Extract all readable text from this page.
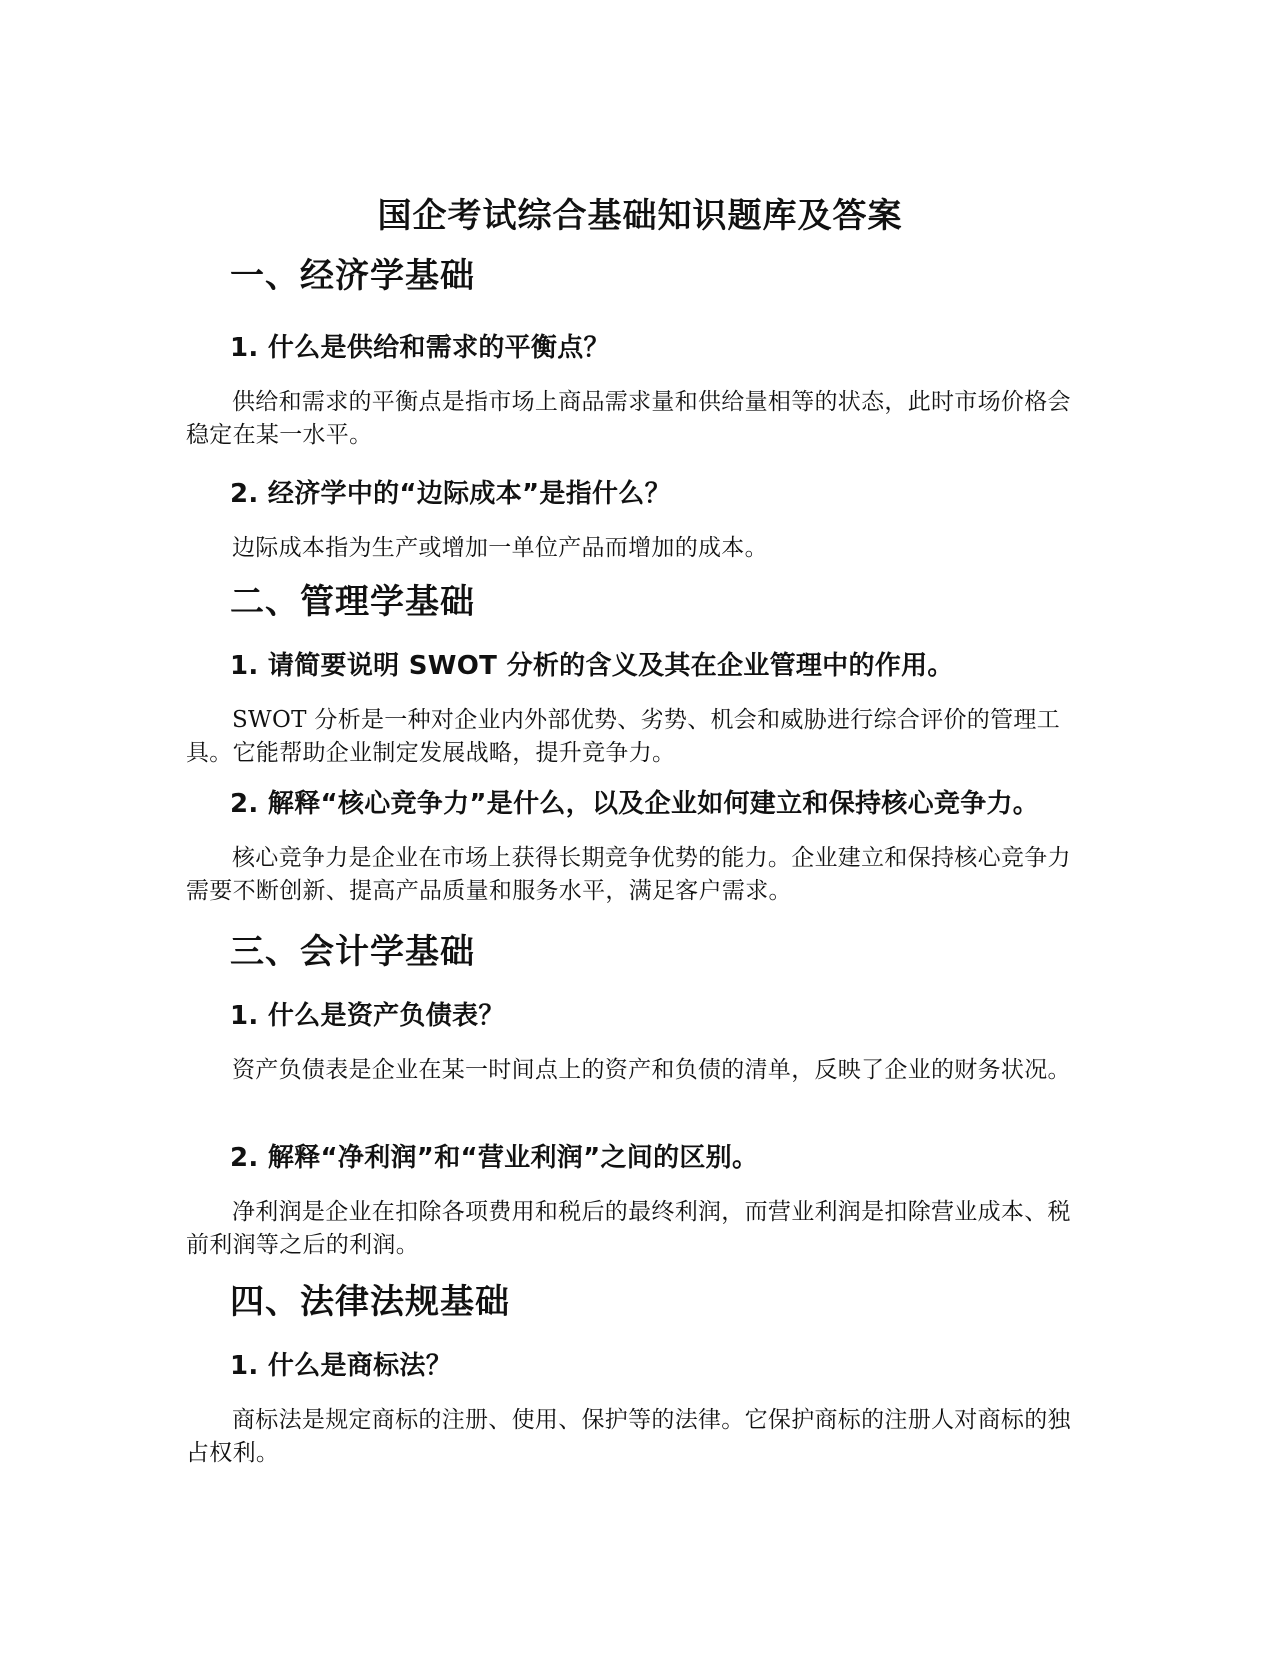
国企考试综合基础知识题库及答案
一、经济学基础
1. 什么是供给和需求的平衡点？
供给和需求的平衡点是指市场上商品需求量和供给量相等的状态，此时市场价格会稳定在某一水平。
2. 经济学中的“边际成本”是指什么？
边际成本指为生产或增加一单位产品而增加的成本。
二、管理学基础
1. 请简要说明 SWOT 分析的含义及其在企业管理中的作用。
SWOT 分析是一种对企业内外部优势、劣势、机会和威胁进行综合评价的管理工具。它能帮助企业制定发展战略，提升竞争力。
2. 解释“核心竞争力”是什么，以及企业如何建立和保持核心竞争力。
核心竞争力是企业在市场上获得长期竞争优势的能力。企业建立和保持核心竞争力需要不断创新、提高产品质量和服务水平，满足客户需求。
三、会计学基础
1. 什么是资产负债表？
资产负债表是企业在某一时间点上的资产和负债的清单，反映了企业的财务状况。
2. 解释“净利润”和“营业利润”之间的区别。
净利润是企业在扣除各项费用和税后的最终利润，而营业利润是扣除营业成本、税前利润等之后的利润。
四、法律法规基础
1. 什么是商标法？
商标法是规定商标的注册、使用、保护等的法律。它保护商标的注册人对商标的独占权利。
